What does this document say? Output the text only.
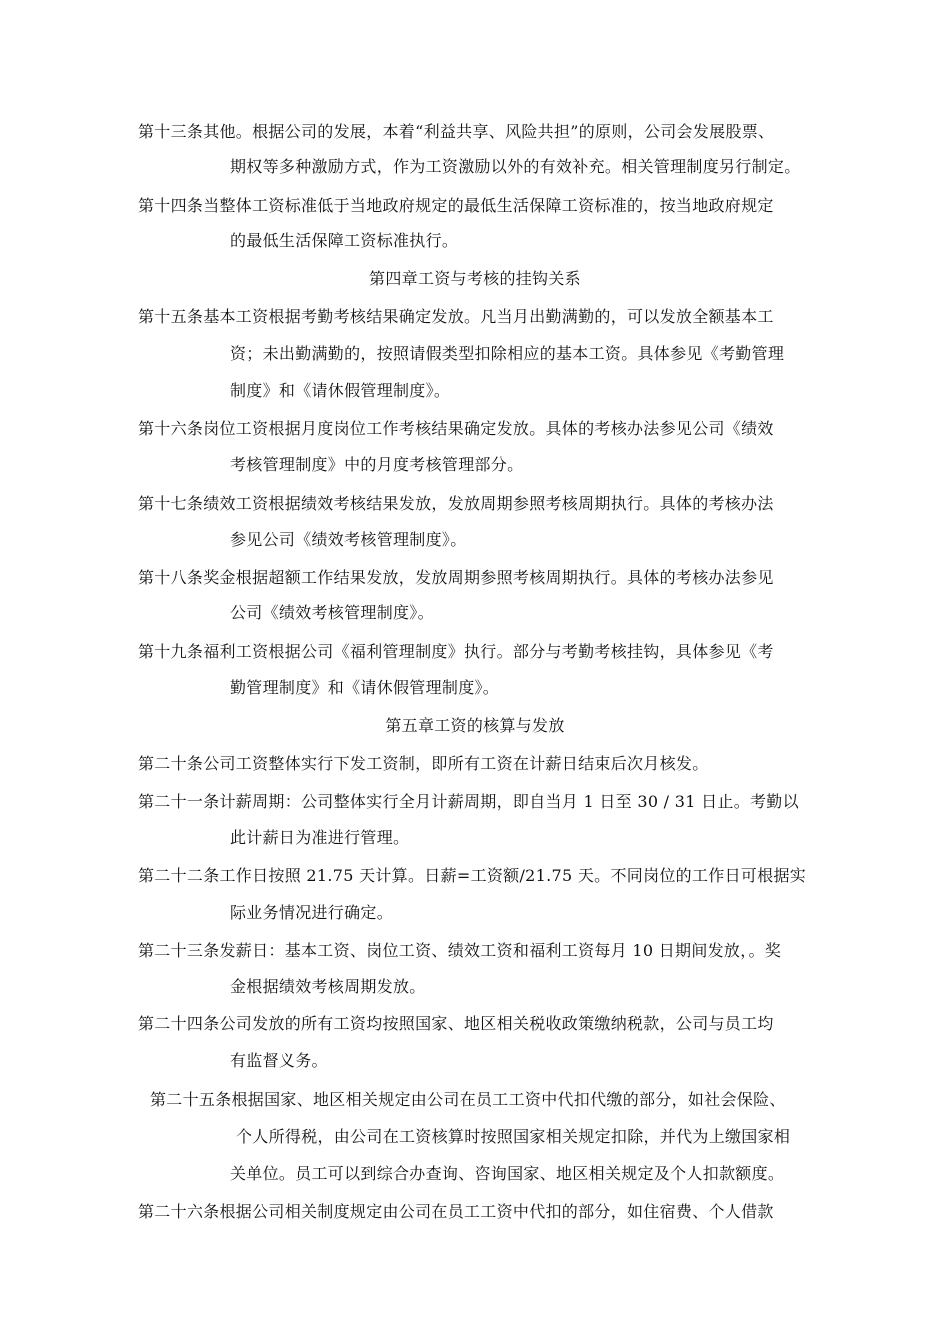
第十三条其他。根据公司的发展，本着“利益共享、风险共担”的原则，公司会发展股票、
期权等多种激励方式，作为工资激励以外的有效补充。相关管理制度另行制定。
第十四条当整体工资标准低于当地政府规定的最低生活保障工资标准的，按当地政府规定
的最低生活保障工资标准执行。
第四章工资与考核的挂钩关系
第十五条基本工资根据考勤考核结果确定发放。凡当月出勤满勤的，可以发放全额基本工
资；未出勤满勤的，按照请假类型扣除相应的基本工资。具体参见《考勤管理
制度》和《请休假管理制度》。
第十六条岗位工资根据月度岗位工作考核结果确定发放。具体的考核办法参见公司《绩效
考核管理制度》中的月度考核管理部分。
第十七条绩效工资根据绩效考核结果发放，发放周期参照考核周期执行。具体的考核办法
参见公司《绩效考核管理制度》。
第十八条奖金根据超额工作结果发放，发放周期参照考核周期执行。具体的考核办法参见
公司《绩效考核管理制度》。
第十九条福利工资根据公司《福利管理制度》执行。部分与考勤考核挂钩，具体参见《考
勤管理制度》和《请休假管理制度》。
第五章工资的核算与发放
第二十条公司工资整体实行下发工资制，即所有工资在计薪日结束后次月核发。
第二十一条计薪周期：公司整体实行全月计薪周期，即自当月 1 日至 30 / 31 日止。考勤以
此计薪日为准进行管理。
第二十二条工作日按照 21.75 天计算。日薪=工资额/21.75 天。不同岗位的工作日可根据实
际业务情况进行确定。
第二十三条发薪日：基本工资、岗位工资、绩效工资和福利工资每月 10 日期间发放，。奖
金根据绩效考核周期发放。
第二十四条公司发放的所有工资均按照国家、地区相关税收政策缴纳税款，公司与员工均
有监督义务。
第二十五条根据国家、地区相关规定由公司在员工工资中代扣代缴的部分，如社会保险、
个人所得税，由公司在工资核算时按照国家相关规定扣除，并代为上缴国家相
关单位。员工可以到综合办查询、咨询国家、地区相关规定及个人扣款额度。
第二十六条根据公司相关制度规定由公司在员工工资中代扣的部分，如住宿费、个人借款
